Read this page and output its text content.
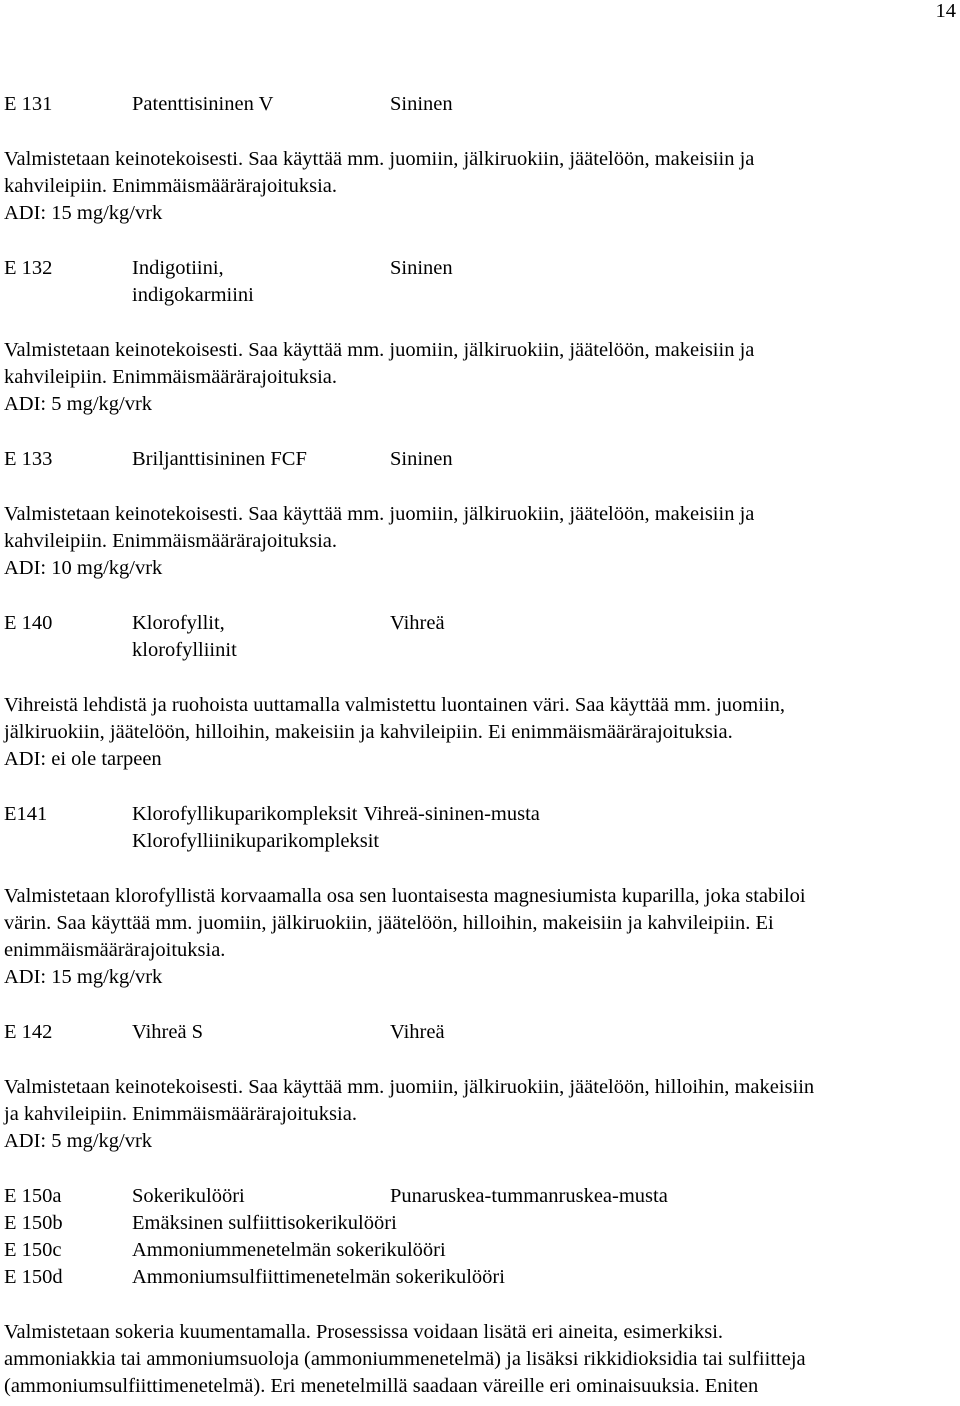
14
E 131	Patenttisininen V	Sininen
Valmistetaan keinotekoisesti. Saa käyttää mm. juomiin, jälkiruokiin, jäätelöön, makeisiin ja
kahvileipiin. Enimmäismäärärajoituksia.
ADI: 15 mg/kg/vrk
E 132	Indigotiini,	Sininen
indigokarmiini
Valmistetaan keinotekoisesti. Saa käyttää mm. juomiin, jälkiruokiin, jäätelöön, makeisiin ja
kahvileipiin. Enimmäismäärärajoituksia.
ADI: 5 mg/kg/vrk
E 133	Briljanttisininen FCF	Sininen
Valmistetaan keinotekoisesti. Saa käyttää mm. juomiin, jälkiruokiin, jäätelöön, makeisiin ja
kahvileipiin. Enimmäismäärärajoituksia.
ADI: 10 mg/kg/vrk
E 140	Klorofyllit,	Vihreä
klorofylliinit
Vihreistä lehdistä ja ruohoista uuttamalla valmistettu luontainen väri. Saa käyttää mm. juomiin,
jälkiruokiin, jäätelöön, hilloihin, makeisiin ja kahvileipiin. Ei enimmäismäärärajoituksia.
ADI: ei ole tarpeen
E141	Klorofyllikuparikompleksit Vihreä-sininen-musta
Klorofylliinikuparikompleksit
Valmistetaan klorofyllistä korvaamalla osa sen luontaisesta magnesiumista kuparilla, joka stabiloi
värin. Saa käyttää mm. juomiin, jälkiruokiin, jäätelöön, hilloihin, makeisiin ja kahvileipiin. Ei
enimmäismäärärajoituksia.
ADI: 15 mg/kg/vrk
E 142	Vihreä S	Vihreä
Valmistetaan keinotekoisesti. Saa käyttää mm. juomiin, jälkiruokiin, jäätelöön, hilloihin, makeisiin
ja kahvileipiin. Enimmäismäärärajoituksia.
ADI: 5 mg/kg/vrk
E 150a	Sokerikulööri	Punaruskea-tummanruskea-musta
E 150b	Emäksinen sulfiittisokerikulööri
E 150c	Ammoniummenetelmän sokerikulööri
E 150d	Ammoniumsulfiittimenetelmän sokerikulööri
Valmistetaan sokeria kuumentamalla. Prosessissa voidaan lisätä eri aineita, esimerkiksi.
ammoniakkia tai ammoniumsuoloja (ammoniummenetelmä) ja lisäksi rikkidioksidia tai sulfiitteja
(ammoniumsulfiittimenetelmä). Eri menetelmillä saadaan väreille eri ominaisuuksia. Eniten
